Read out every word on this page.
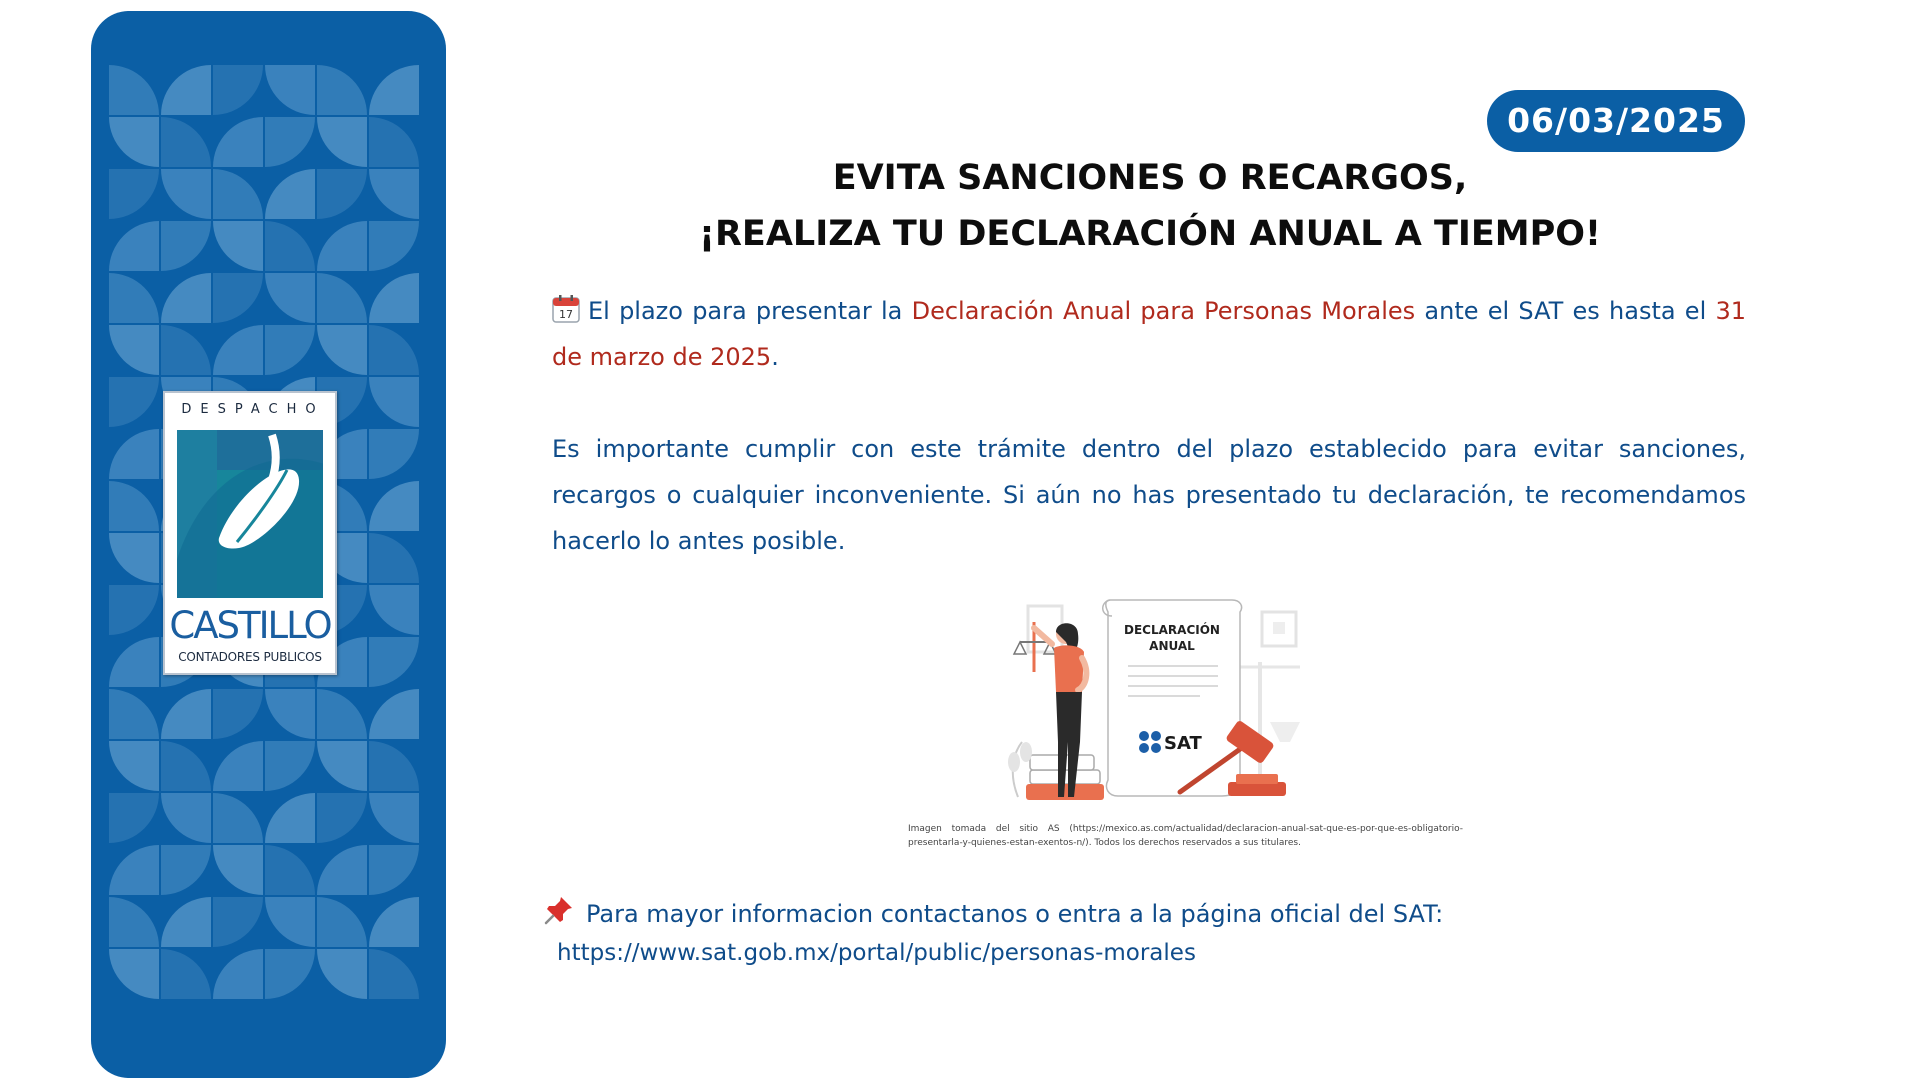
DESPACHO
CASTILLO
CONTADORES PUBLICOS
06/03/2025
EVITA SANCIONES O RECARGOS,
¡REALIZA TU DECLARACIÓN ANUAL A TIEMPO!
17 El plazo para presentar la Declaración Anual para Personas Morales ante el SAT es hasta el 31 de marzo de 2025.
Es importante cumplir con este trámite dentro del plazo establecido para evitar sanciones, recargos o cualquier inconveniente. Si aún no has presentado tu declaración, te recomendamos hacerlo lo antes posible.
DECLARACIÓN
ANUAL
SAT
Imagen tomada del sitio AS (https://mexico.as.com/actualidad/declaracion-anual-sat-que-es-por-que-es-obligatorio-presentarla-y-quienes-estan-exentos-n/). Todos los derechos reservados a sus titulares.
Para mayor informacion contactanos o entra a la página oficial del SAT:
https://www.sat.gob.mx/portal/public/personas-morales
